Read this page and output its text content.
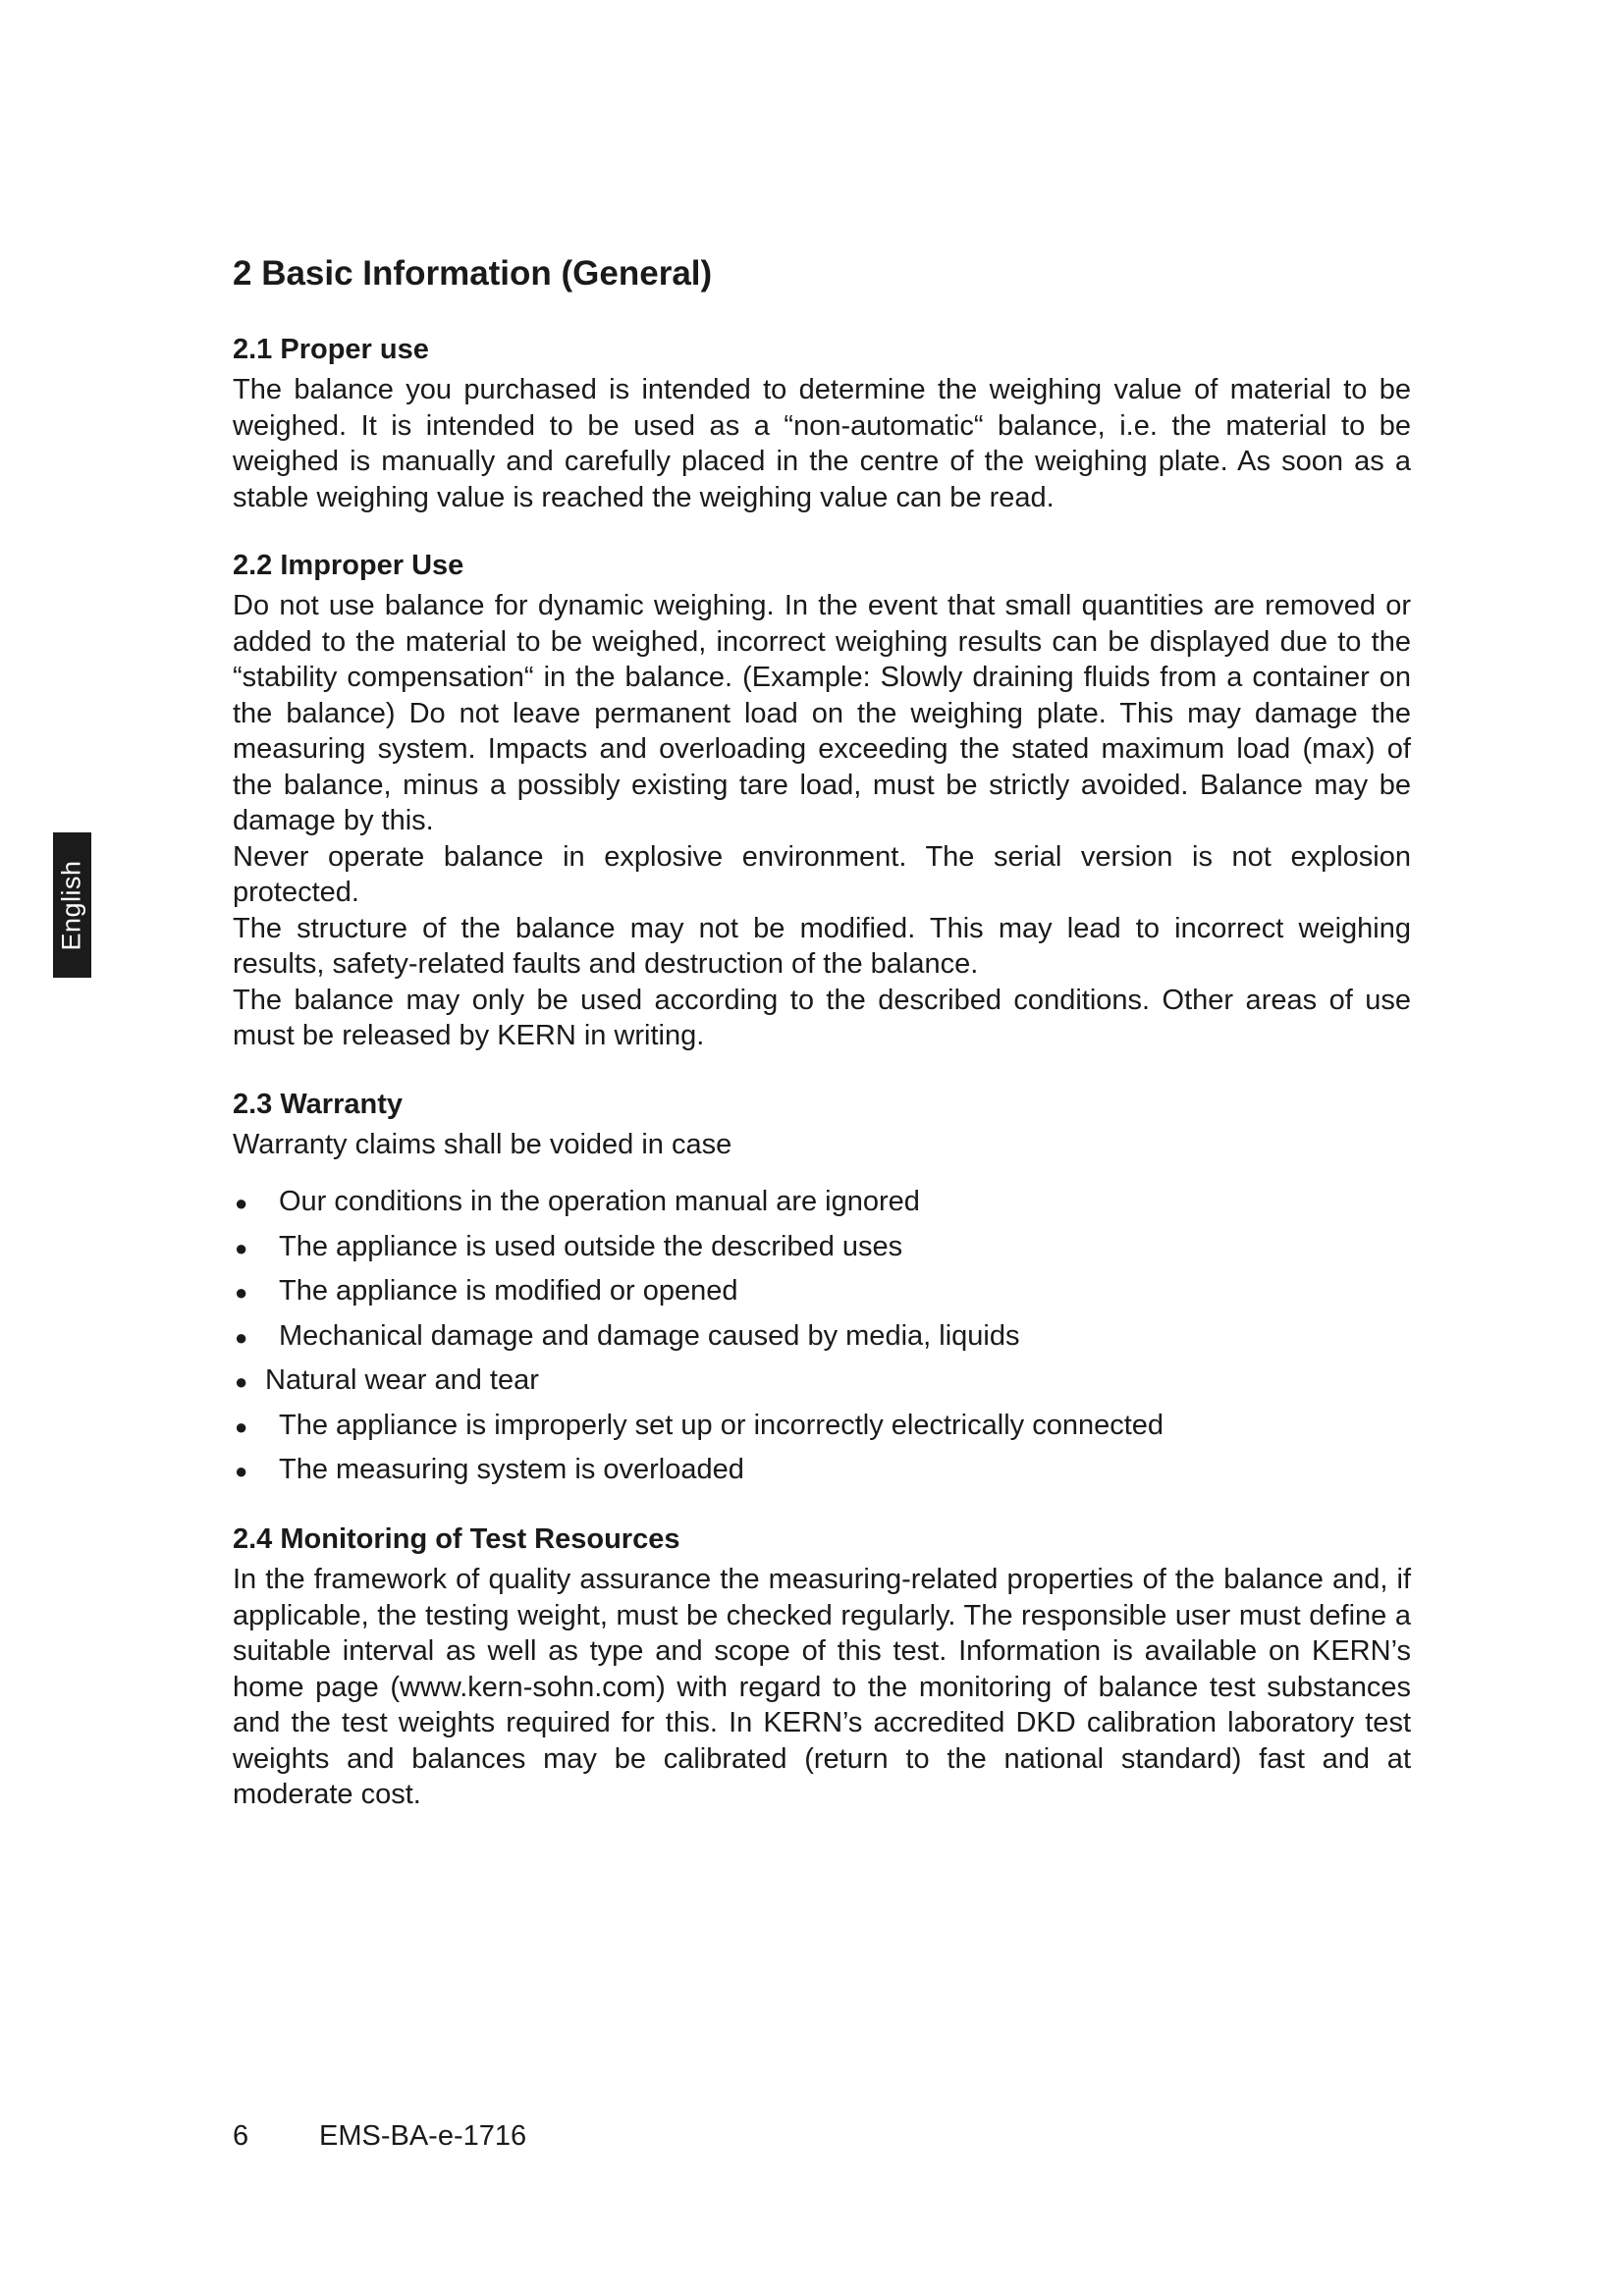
English
2 Basic Information (General)
2.1 Proper use

The balance you purchased is intended to determine the weighing value of material to be weighed. It is intended to be used as a “non-automatic“ balance, i.e. the material to be weighed is manually and carefully placed in the centre of the weighing plate. As soon as a stable weighing value is reached the weighing value can be read.

2.2 Improper Use

Do not use balance for dynamic weighing. In the event that small quantities are removed or added to the material to be weighed, incorrect weighing results can be displayed due to the “stability compensation“ in the balance. (Example: Slowly draining fluids from a container on the balance) Do not leave permanent load on the weighing plate. This may damage the measuring system. Impacts and overloading exceeding the stated maximum load (max) of the balance, minus a possibly existing tare load, must be strictly avoided. Balance may be damage by this.

Never operate balance in explosive environment. The serial version is not explosion protected.

The structure of the balance may not be modified. This may lead to incorrect weighing results, safety-related faults and destruction of the balance.

The balance may only be used according to the described conditions. Other areas of use must be released by KERN in writing.

2.3 Warranty

Warranty claims shall be voided in case

●	Our conditions in the operation manual are ignored
●	The appliance is used outside the described uses
●	The appliance is modified or opened
●	Mechanical damage and damage caused by media, liquids
● Natural wear and tear
●	The appliance is improperly set up or incorrectly electrically connected
●	The measuring system is overloaded
2.4 Monitoring of Test Resources

In the framework of quality assurance the measuring-related properties of the balance and, if applicable, the testing weight, must be checked regularly. The responsible user must define a suitable interval as well as type and scope of this test. Information is available on KERN’s home page (www.kern-sohn.com) with regard to the monitoring of balance test substances and the test weights required for this. In KERN’s accredited DKD calibration laboratory test weights and balances may be calibrated (return to the national standard) fast and at moderate cost.

6	EMS-BA-e-1716
